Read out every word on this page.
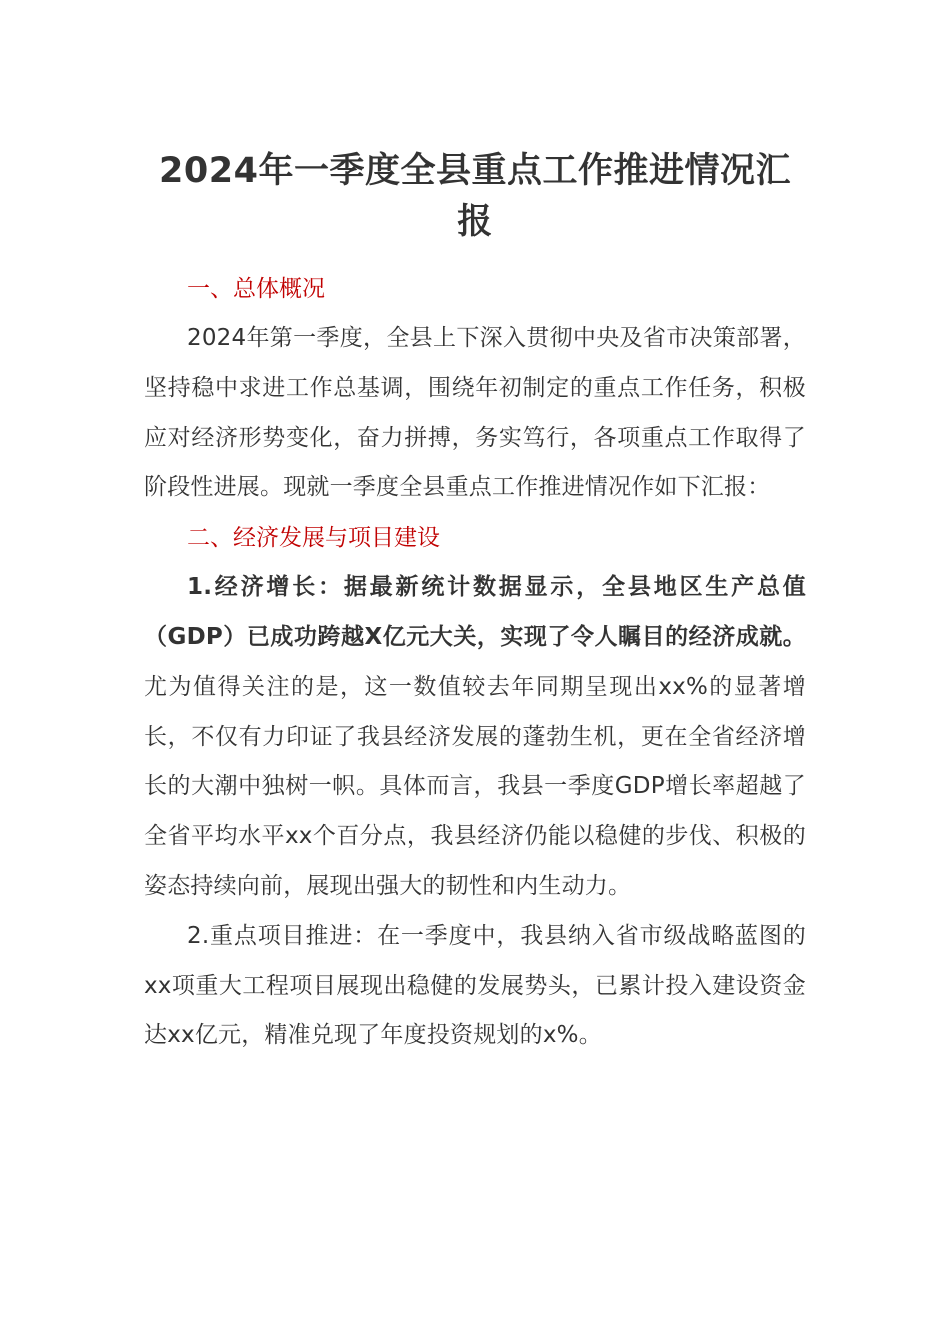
2024年一季度全县重点工作推进情况汇报
一、总体概况

2024年第一季度，全县上下深入贯彻中央及省市决策部署，坚持稳中求进工作总基调，围绕年初制定的重点工作任务，积极应对经济形势变化，奋力拼搏，务实笃行，各项重点工作取得了阶段性进展。现就一季度全县重点工作推进情况作如下汇报：

二、经济发展与项目建设

1.经济增长：据最新统计数据显示，全县地区生产总值（GDP）已成功跨越X亿元大关，实现了令人瞩目的经济成就。尤为值得关注的是，这一数值较去年同期呈现出xx%的显著增长，不仅有力印证了我县经济发展的蓬勃生机，更在全省经济增长的大潮中独树一帜。具体而言，我县一季度GDP增长率超越了全省平均水平xx个百分点，我县经济仍能以稳健的步伐、积极的姿态持续向前，展现出强大的韧性和内生动力。

2.重点项目推进：在一季度中，我县纳入省市级战略蓝图的xx项重大工程项目展现出稳健的发展势头，已累计投入建设资金达xx亿元，精准兑现了年度投资规划的x%。
